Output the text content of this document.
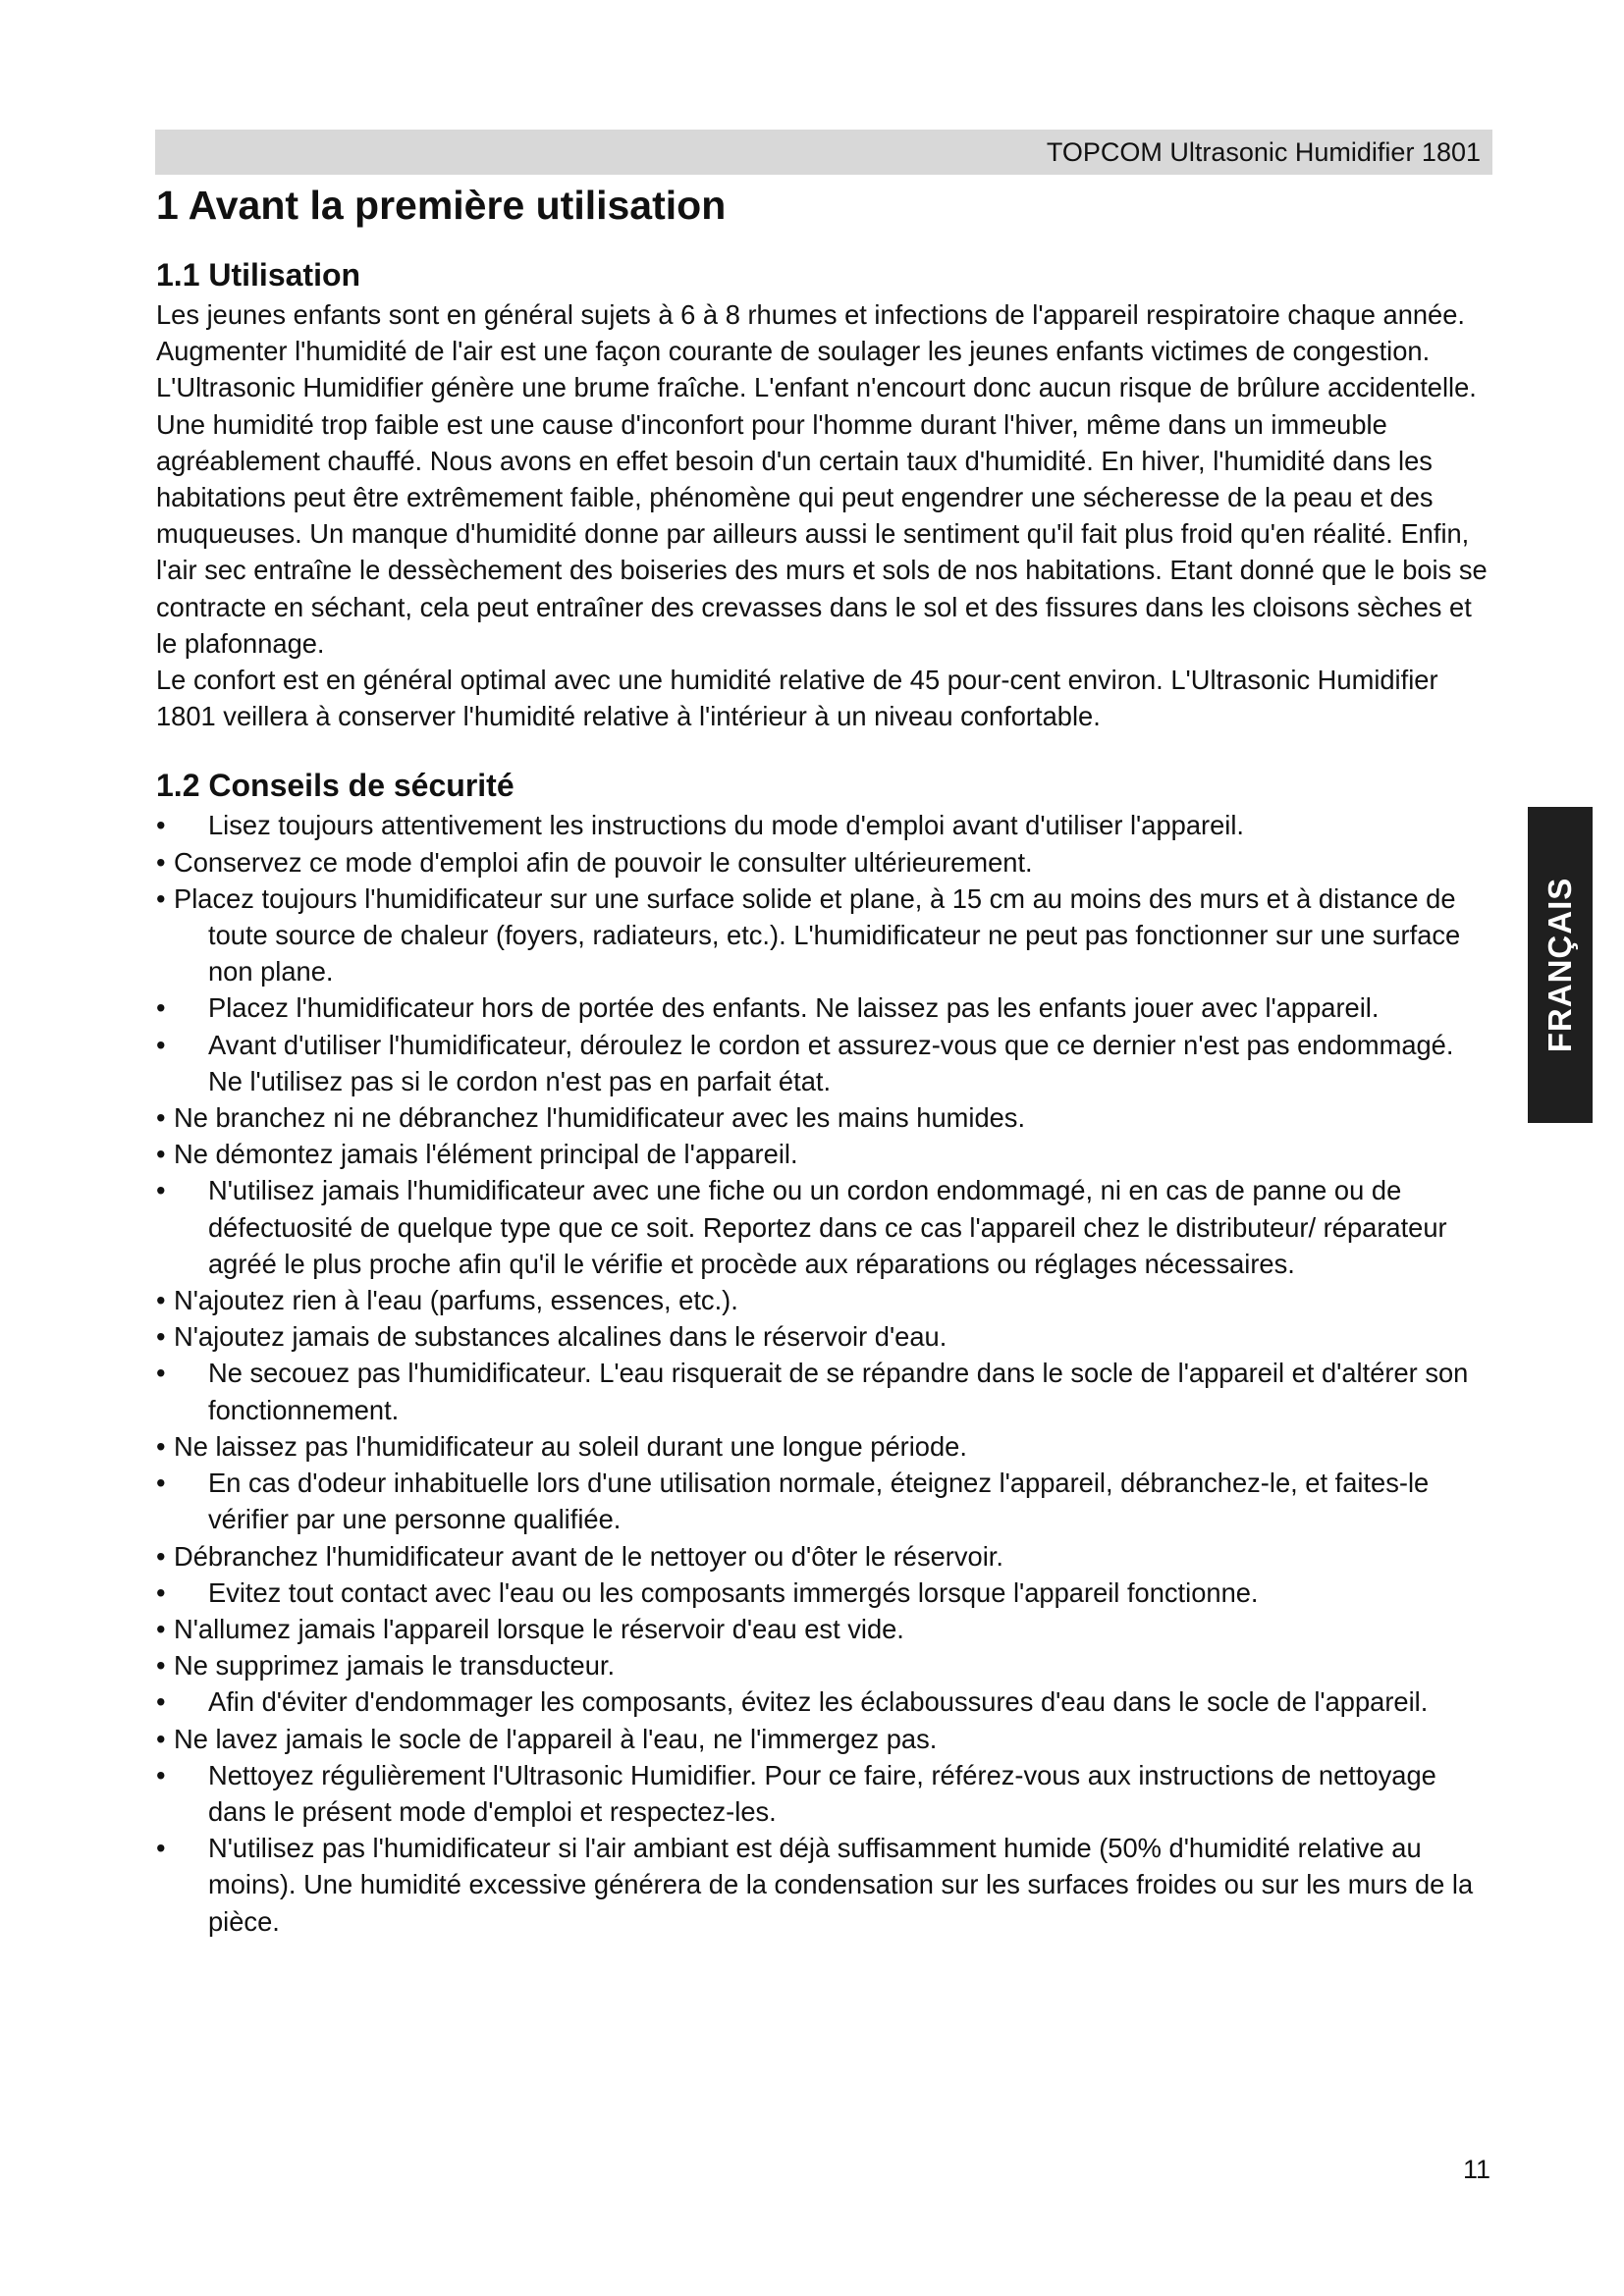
TOPCOM Ultrasonic Humidifier 1801
1 Avant la première utilisation
1.1 Utilisation

Les jeunes enfants sont en général sujets à 6 à 8 rhumes et infections de l'appareil respiratoire chaque année. Augmenter l'humidité de l'air est une façon courante de soulager les jeunes enfants victimes de congestion.

L'Ultrasonic Humidifier génère une brume fraîche. L'enfant n'encourt donc aucun risque de brûlure accidentelle.

Une humidité trop faible est une cause d'inconfort pour l'homme durant l'hiver, même dans un immeuble agréablement chauffé. Nous avons en effet besoin d'un certain taux d'humidité. En hiver, l'humidité dans les habitations peut être extrêmement faible, phénomène qui peut engendrer une sécheresse de la peau et des muqueuses. Un manque d'humidité donne par ailleurs aussi le sentiment qu'il fait plus froid qu'en réalité. Enfin, l'air sec entraîne le dessèchement des boiseries des murs et sols de nos habitations. Etant donné que le bois se contracte en séchant, cela peut entraîner des crevasses dans le sol et des fissures dans les cloisons sèches et le plafonnage.

Le confort est en général optimal avec une humidité relative de 45 pour-cent environ. L'Ultrasonic Humidifier 1801 veillera à conserver l'humidité relative à l'intérieur à un niveau confortable.

1.2 Conseils de sécurité
• Lisez toujours attentivement les instructions du mode d'emploi avant d'utiliser l'appareil.
• Conservez ce mode d'emploi afin de pouvoir le consulter ultérieurement.
• Placez toujours l'humidificateur sur une surface solide et plane, à 15 cm au moins des murs et à distance de toute source de chaleur (foyers, radiateurs, etc.). L'humidificateur ne peut pas fonctionner sur une surface non plane.
• Placez l'humidificateur hors de portée des enfants. Ne laissez pas les enfants jouer avec l'appareil.
• Avant d'utiliser l'humidificateur, déroulez le cordon et assurez-vous que ce dernier n'est pas endommagé. Ne l'utilisez pas si le cordon n'est pas en parfait état.
• Ne branchez ni ne débranchez l'humidificateur avec les mains humides.
• Ne démontez jamais l'élément principal de l'appareil.
• N'utilisez jamais l'humidificateur avec une fiche ou un cordon endommagé, ni en cas de panne ou de défectuosité de quelque type que ce soit. Reportez dans ce cas l'appareil chez le distributeur/ réparateur agréé le plus proche afin qu'il le vérifie et procède aux réparations ou réglages nécessaires.
• N'ajoutez rien à l'eau (parfums, essences, etc.).
• N'ajoutez jamais de substances alcalines dans le réservoir d'eau.
• Ne secouez pas l'humidificateur. L'eau risquerait de se répandre dans le socle de l'appareil et d'altérer son fonctionnement.
• Ne laissez pas l'humidificateur au soleil durant une longue période.
• En cas d'odeur inhabituelle lors d'une utilisation normale, éteignez l'appareil, débranchez-le, et faites-le vérifier par une personne qualifiée.
• Débranchez l'humidificateur avant de le nettoyer ou d'ôter le réservoir.
• Evitez tout contact avec l'eau ou les composants immergés lorsque l'appareil fonctionne.
• N'allumez jamais l'appareil lorsque le réservoir d'eau est vide.
• Ne supprimez jamais le transducteur.
• Afin d'éviter d'endommager les composants, évitez les éclaboussures d'eau dans le socle de l'appareil.
• Ne lavez jamais le socle de l'appareil à l'eau, ne l'immergez pas.
• Nettoyez régulièrement l'Ultrasonic Humidifier. Pour ce faire, référez-vous aux instructions de nettoyage dans le présent mode d'emploi et respectez-les.
• N'utilisez pas l'humidificateur si l'air ambiant est déjà suffisamment humide (50% d'humidité relative au moins). Une humidité excessive générera de la condensation sur les surfaces froides ou sur les murs de la pièce.
FRANÇAIS
11
